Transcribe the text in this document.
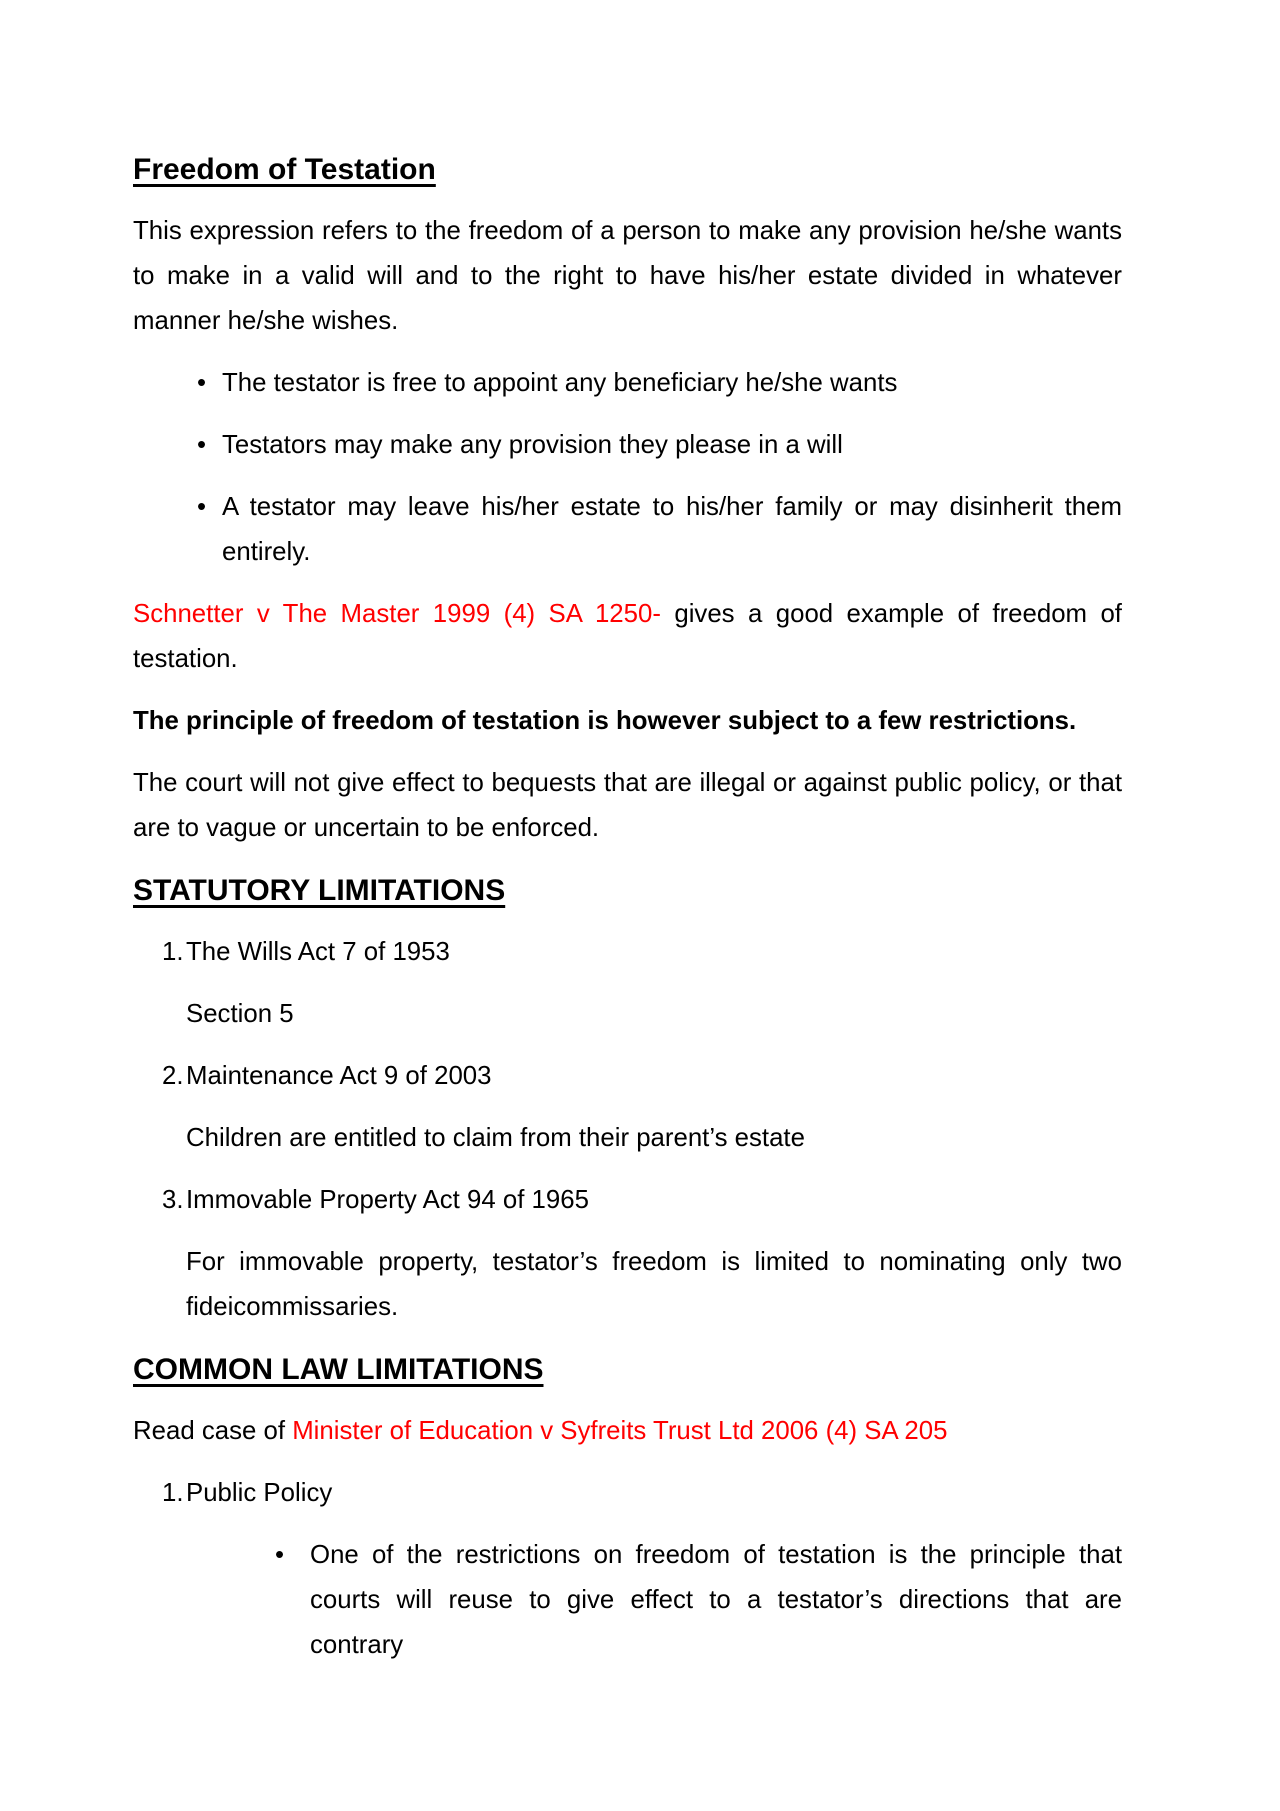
Freedom of Testation

This expression refers to the freedom of a person to make any provision he/she wants to make in a valid will and to the right to have his/her estate divided in whatever manner he/she wishes.

• The testator is free to appoint any beneficiary he/she wants
• Testators may make any provision they please in a will
• A testator may leave his/her estate to his/her family or may disinherit them entirely.

Schnetter v The Master 1999 (4) SA 1250- gives a good example of freedom of testation.

The principle of freedom of testation is however subject to a few restrictions.

The court will not give effect to bequests that are illegal or against public policy, or that are to vague or uncertain to be enforced.

STATUTORY LIMITATIONS
1. The Wills Act 7 of 1953

Section 5

2. Maintenance Act 9 of 2003

Children are entitled to claim from their parent’s estate

3. Immovable Property Act 94 of 1965

For immovable property, testator’s freedom is limited to nominating only two fideicommissaries.

COMMON LAW LIMITATIONS

Read case of Minister of Education v Syfreits Trust Ltd 2006 (4) SA 205

1. Public Policy
• One of the restrictions on freedom of testation is the principle that courts will reuse to give effect to a testator’s directions that are contrary
